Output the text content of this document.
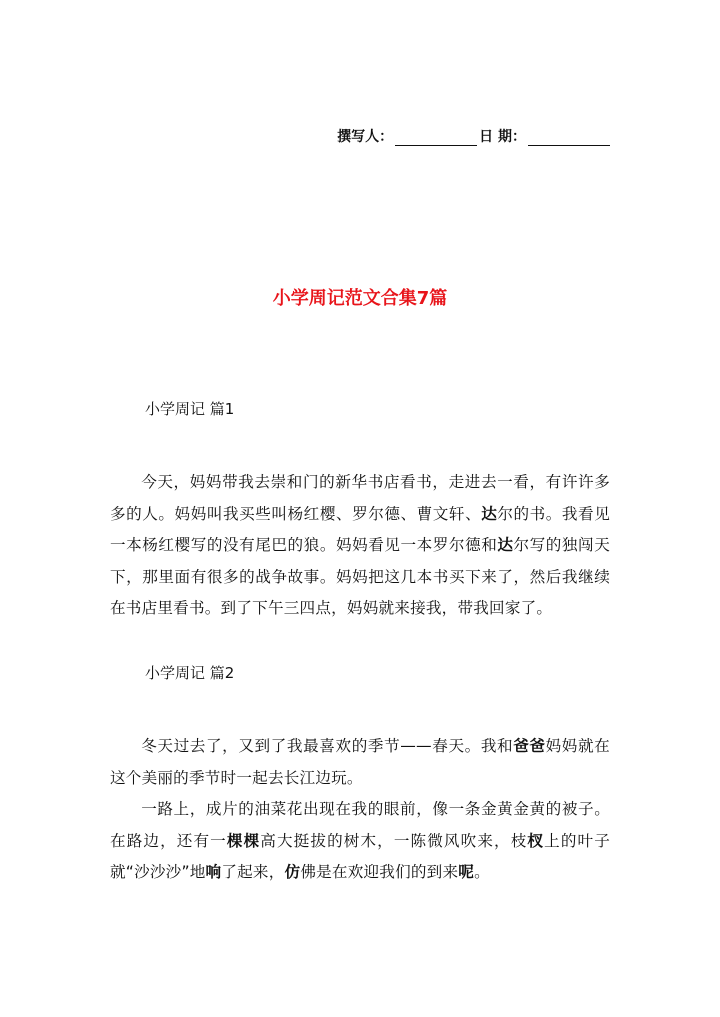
撰写人：	日 期：
小学周记范文合集7篇
小学周记 篇1
今天，妈妈带我去崇和门的新华书店看书，走进去一看，有许许多多的人。妈妈叫我买些叫杨红樱、罗尔德、曹文轩、达尔的书。我看见一本杨红樱写的没有尾巴的狼。妈妈看见一本罗尔德和达尔写的独闯天下，那里面有很多的战争故事。妈妈把这几本书买下来了，然后我继续在书店里看书。到了下午三四点，妈妈就来接我，带我回家了。
小学周记 篇2
冬天过去了，又到了我最喜欢的季节——春天。我和爸爸妈妈就在这个美丽的季节时一起去长江边玩。
一路上，成片的油菜花出现在我的眼前，像一条金黄金黄的被子。在路边，还有一棵棵高大挺拔的树木，一陈微风吹来，枝杈上的叶子就“沙沙沙”地响了起来，仿佛是在欢迎我们的到来呢。
